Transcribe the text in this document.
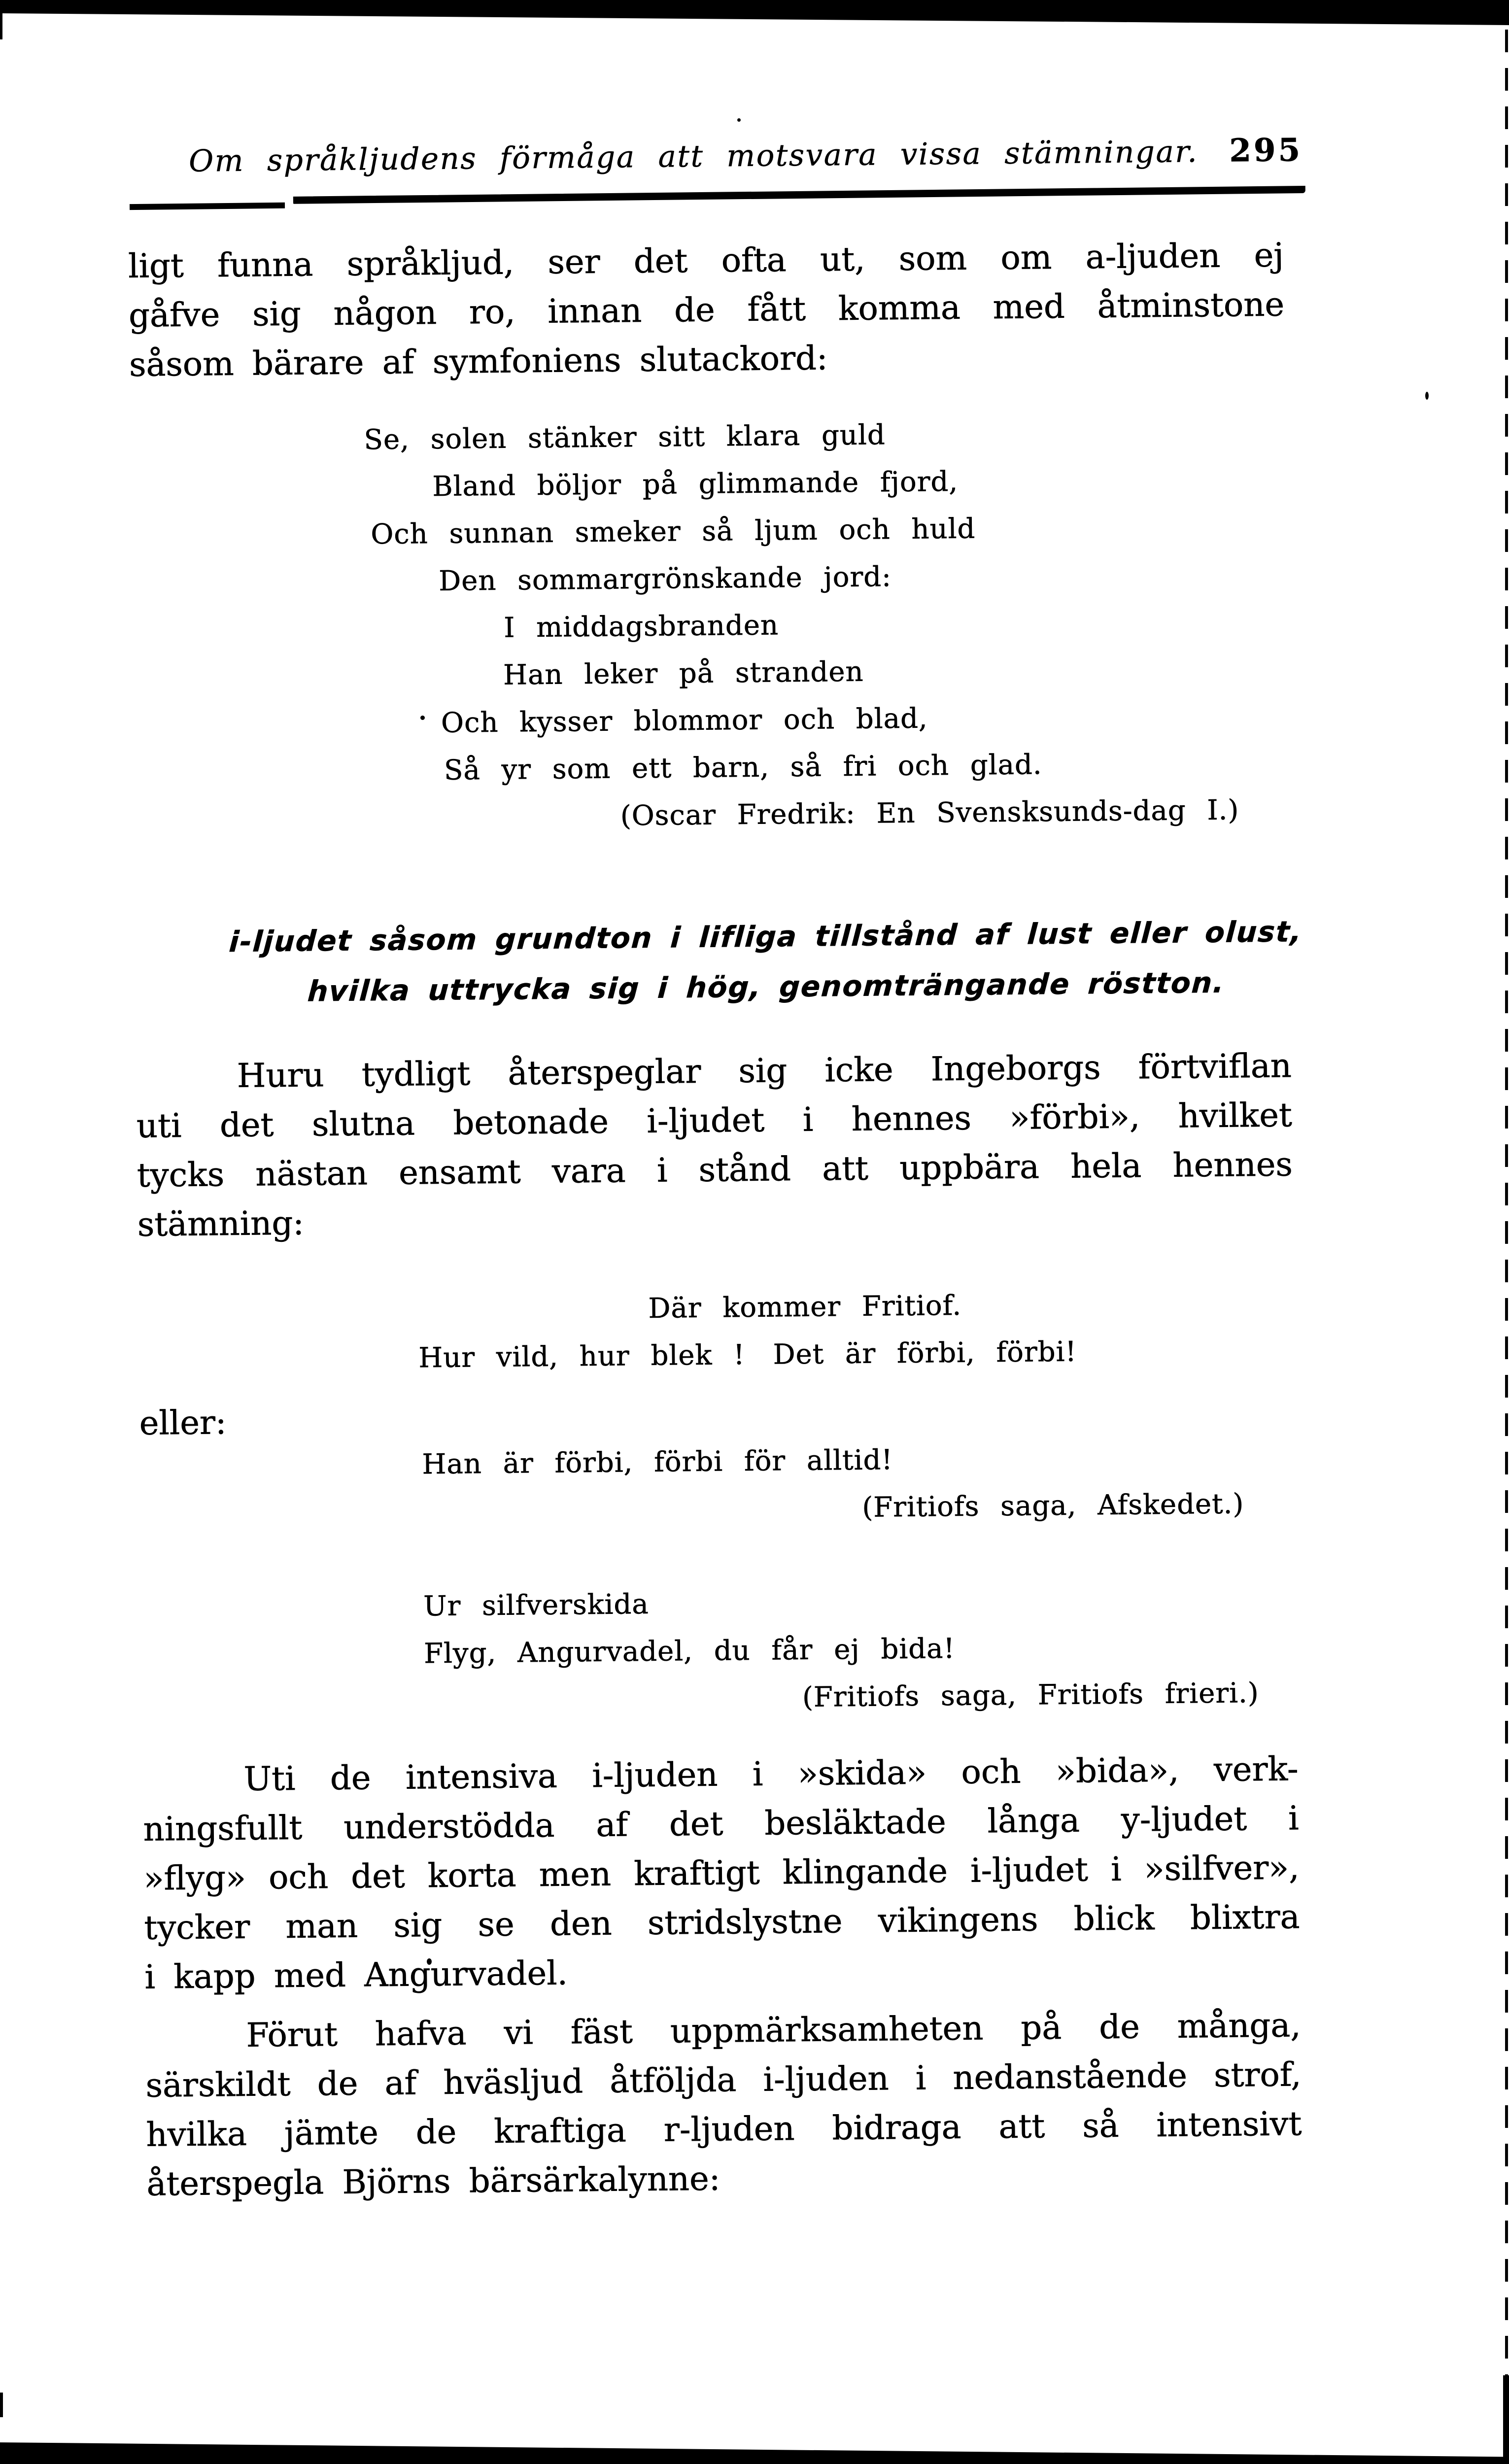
Om språkljudens förmåga att motsvara vissa stämningar. 295
ligt funna språkljud, ser det ofta ut, som om a-ljuden ej
gåfve sig någon ro, innan de fått komma med åtminstone
såsom bärare af symfoniens slutackord:
Se, solen stänker sitt klara guld
Bland böljor på glimmande fjord,
Och sunnan smeker så ljum och huld
Den sommargrönskande jord:
I middagsbranden
Han leker på stranden
Och kysser blommor och blad,
Så yr som ett barn, så fri och glad.
(Oscar Fredrik: En Svensksunds-dag I.)
i-ljudet såsom grundton i lifliga tillstånd af lust eller olust,
hvilka uttrycka sig i hög, genomträngande röstton.
Huru tydligt återspeglar sig icke Ingeborgs förtviflan
uti det slutna betonade i-ljudet i hennes »förbi», hvilket
tycks nästan ensamt vara i stånd att uppbära hela hennes
stämning:
Där kommer Fritiof.
Hur vild, hur blek ! Det är förbi, förbi!
eller:
Han är förbi, förbi för alltid!
(Fritiofs saga, Afskedet.)
Ur silfverskida
Flyg, Angurvadel, du får ej bida!
(Fritiofs saga, Fritiofs frieri.)
Uti de intensiva i-ljuden i »skida» och »bida», verk-
ningsfullt understödda af det besläktade långa y-ljudet i
»flyg» och det korta men kraftigt klingande i-ljudet i »silfver»,
tycker man sig se den stridslystne vikingens blick blixtra
i kapp med Angurvadel.
Förut hafva vi fäst uppmärksamheten på de många,
särskildt de af hväsljud åtföljda i-ljuden i nedanstående strof,
hvilka jämte de kraftiga r-ljuden bidraga att så intensivt
återspegla Björns bärsärkalynne:
